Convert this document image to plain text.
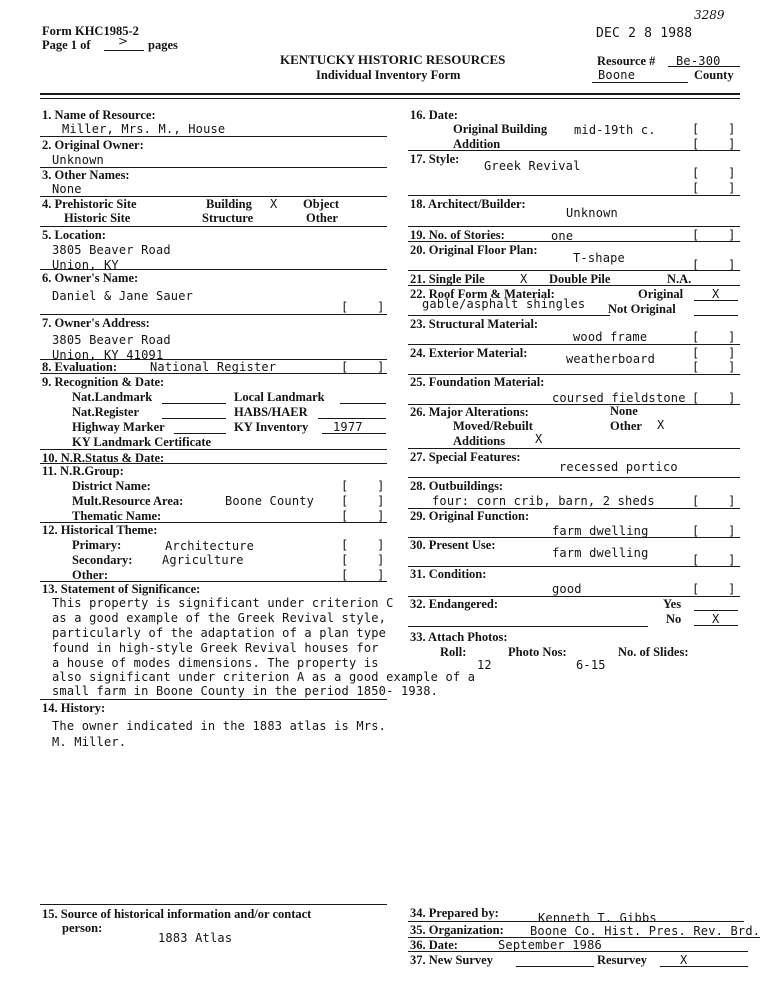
Form KHC1985-2
Page 1 of > pages
DEC 2 8 1988
3289
KENTUCKY HISTORIC RESOURCES
Individual Inventory Form
Resource # Be-300
Boone	County
1. Name of Resource:
Miller, Mrs. M., House
2. Original Owner:
Unknown
3. Other Names:
None
4. Prehistoric Site
Historic Site
Building X
Structure
Object
Other
5. Location:
3805 Beaver Road
Union, KY
6. Owner's Name:
Daniel & Jane Sauer
[    ]
7. Owner's Address:
3805 Beaver Road
Union, KY 41091
8. Evaluation:	National Register	[    ]
9. Recognition & Date:
Nat.Landmark	Local Landmark
Nat.Register	HABS/HAER
Highway Marker	KY Inventory 1977
KY Landmark Certificate
10. N.R.Status & Date:
11. N.R.Group:
District Name:	[    ]
Mult.Resource Area:	Boone County [    ]
Thematic Name:	[    ]
12. Historical Theme:
Primary:	Architecture	[    ]
Secondary: Agriculture	[    ]
Other:	[    ]
13. Statement of Significance:
This property is significant under criterion C
as a good example of the Greek Revival style,
particularly of the adaptation of a plan type
found in high-style Greek Revival houses for
a house of modes dimensions. The property is
also significant under criterion A as a good example of a
small farm in Boone County in the period 1850- 1938.
14. History:
The owner indicated in the 1883 atlas is Mrs.
M. Miller.
15. Source of historical information and/or contact
person:
1883 Atlas
16. Date:
Original Building mid-19th c.	[    ]
Addition	[    ]
17. Style: Greek Revival	[    ]
[    ]
18. Architect/Builder:
Unknown
19. No. of Stories:	one	[    ]
20. Original Floor Plan:
T-shape	[    ]
21. Single Pile	X Double Pile	N.A.
22. Roof Form & Material:
gable/asphalt shingles
Original X
Not Original
23. Structural Material:
wood frame	[    ]
24. Exterior Material:	weatherboard	[    ]
[    ]
25. Foundation Material:
coursed fieldstone [    ]
26. Major Alterations:	None
Moved/Rebuilt	Other X
Additions X
27. Special Features:
recessed portico
28. Outbuildings:
four: corn crib, barn, 2 sheds	[    ]
29. Original Function:
farm dwelling	[    ]
30. Present Use:
farm dwelling	[    ]
31. Condition:
good	[    ]
32. Endangered:	Yes
No	X
33. Attach Photos:
Roll:	Photo Nos:	No. of Slides:
12	6-15
34. Prepared by:	Kenneth T. Gibbs
35. Organization: Boone Co. Hist. Pres. Rev. Brd.
36. Date:	September 1986
37. New Survey	Resurvey	X
